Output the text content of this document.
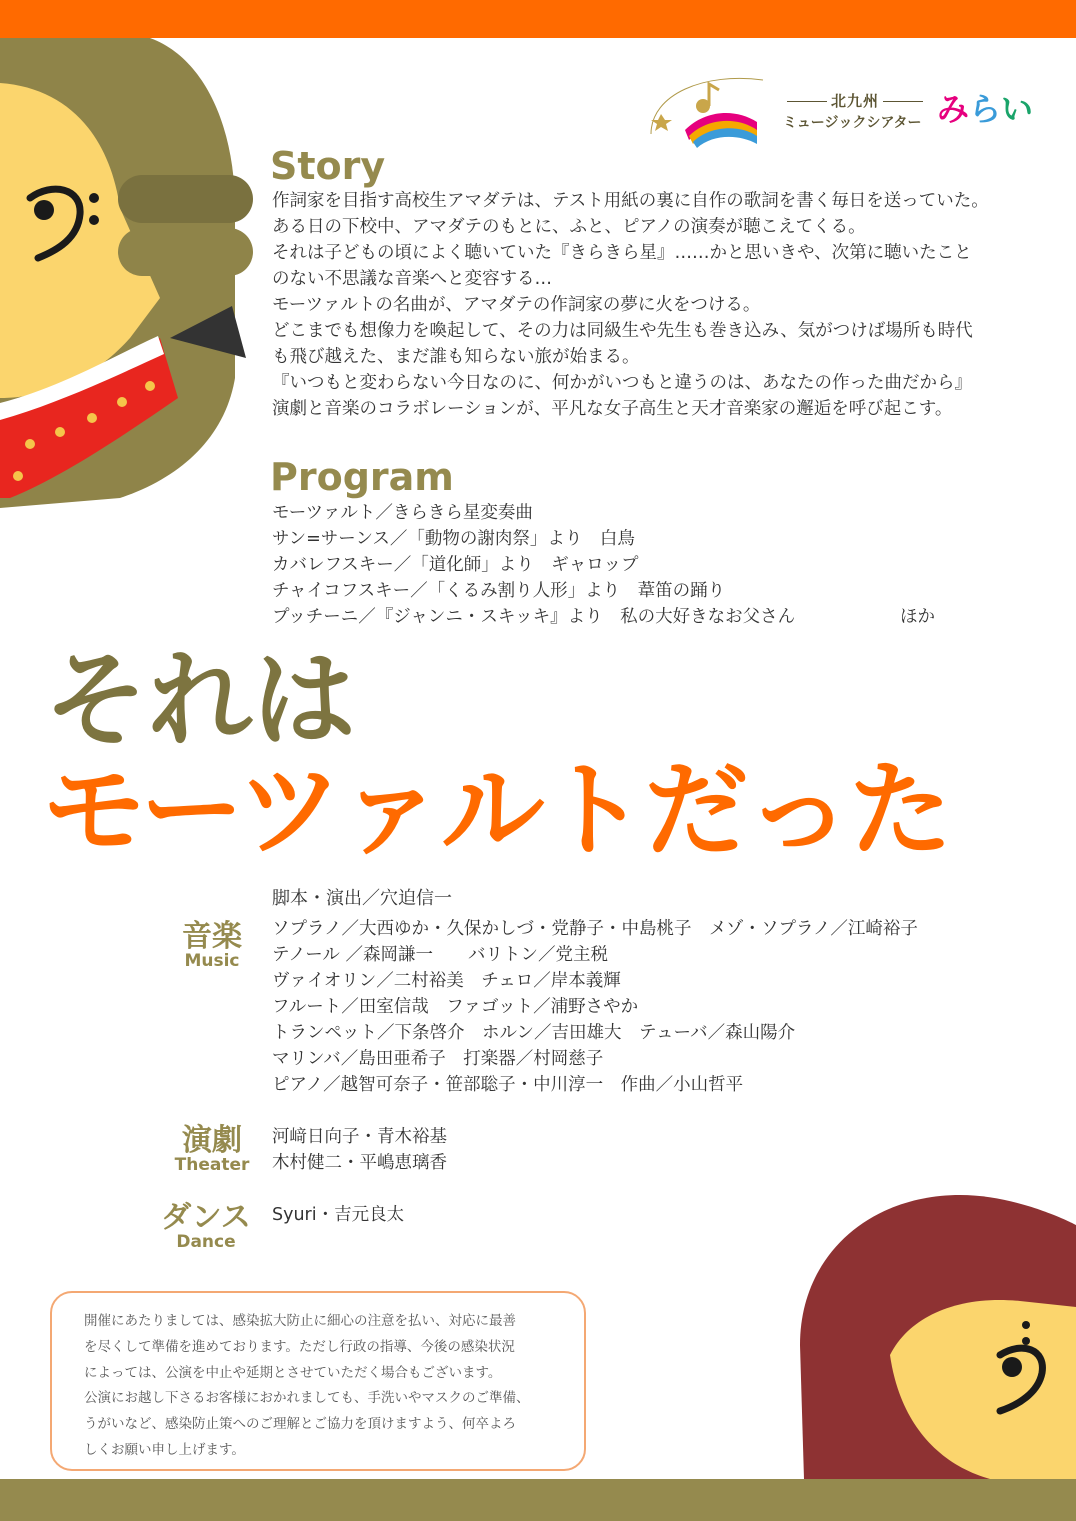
北九州
ミュージックシアター みらい
Story

作詞家を目指す高校生アマダテは、テスト用紙の裏に自作の歌詞を書く毎日を送っていた。

ある日の下校中、アマダテのもとに、ふと、ピアノの演奏が聴こえてくる。

それは子どもの頃によく聴いていた『きらきら星』……かと思いきや、次第に聴いたこと

のない不思議な音楽へと変容する…

モーツァルトの名曲が、アマダテの作詞家の夢に火をつける。

どこまでも想像力を喚起して、その力は同級生や先生も巻き込み、気がつけば場所も時代

も飛び越えた、まだ誰も知らない旅が始まる。

『いつもと変わらない今日なのに、何かがいつもと違うのは、あなたの作った曲だから』

演劇と音楽のコラボレーションが、平凡な女子高生と天才音楽家の邂逅を呼び起こす。

Program

モーツァルト／きらきら星変奏曲

サン=サーンス／「動物の謝肉祭」より　白鳥

カバレフスキー／「道化師」より　ギャロップ

チャイコフスキー／「くるみ割り人形」より　葦笛の踊り

プッチーニ／『ジャンニ・スキッキ』より　私の大好きなお父さん	ほか

それは
モーツァルトだった
脚本・演出／穴迫信一
音楽
Music

ソプラノ／大西ゆか・久保かしづ・党静子・中島桃子　メゾ・ソプラノ／江崎裕子

テノール ／森岡謙一　　バリトン／党主税

ヴァイオリン／二村裕美　チェロ／岸本義輝

フルート／田室信哉　ファゴット／浦野さやか

トランペット／下条啓介　ホルン／吉田雄大　テューバ／森山陽介

マリンバ／島田亜希子　打楽器／村岡慈子

ピアノ／越智可奈子・笹部聡子・中川淳一　作曲／小山哲平

演劇
Theater

河﨑日向子・青木裕基

木村健二・平嶋恵璃香

ダンス
Dance

Syuri・吉元良太

開催にあたりましては、感染拡大防止に細心の注意を払い、対応に最善

を尽くして準備を進めております。ただし行政の指導、今後の感染状況

によっては、公演を中止や延期とさせていただく場合もございます。

公演にお越し下さるお客様におかれましても、手洗いやマスクのご準備、

うがいなど、感染防止策へのご理解とご協力を頂けますよう、何卒よろ

しくお願い申し上げます。
